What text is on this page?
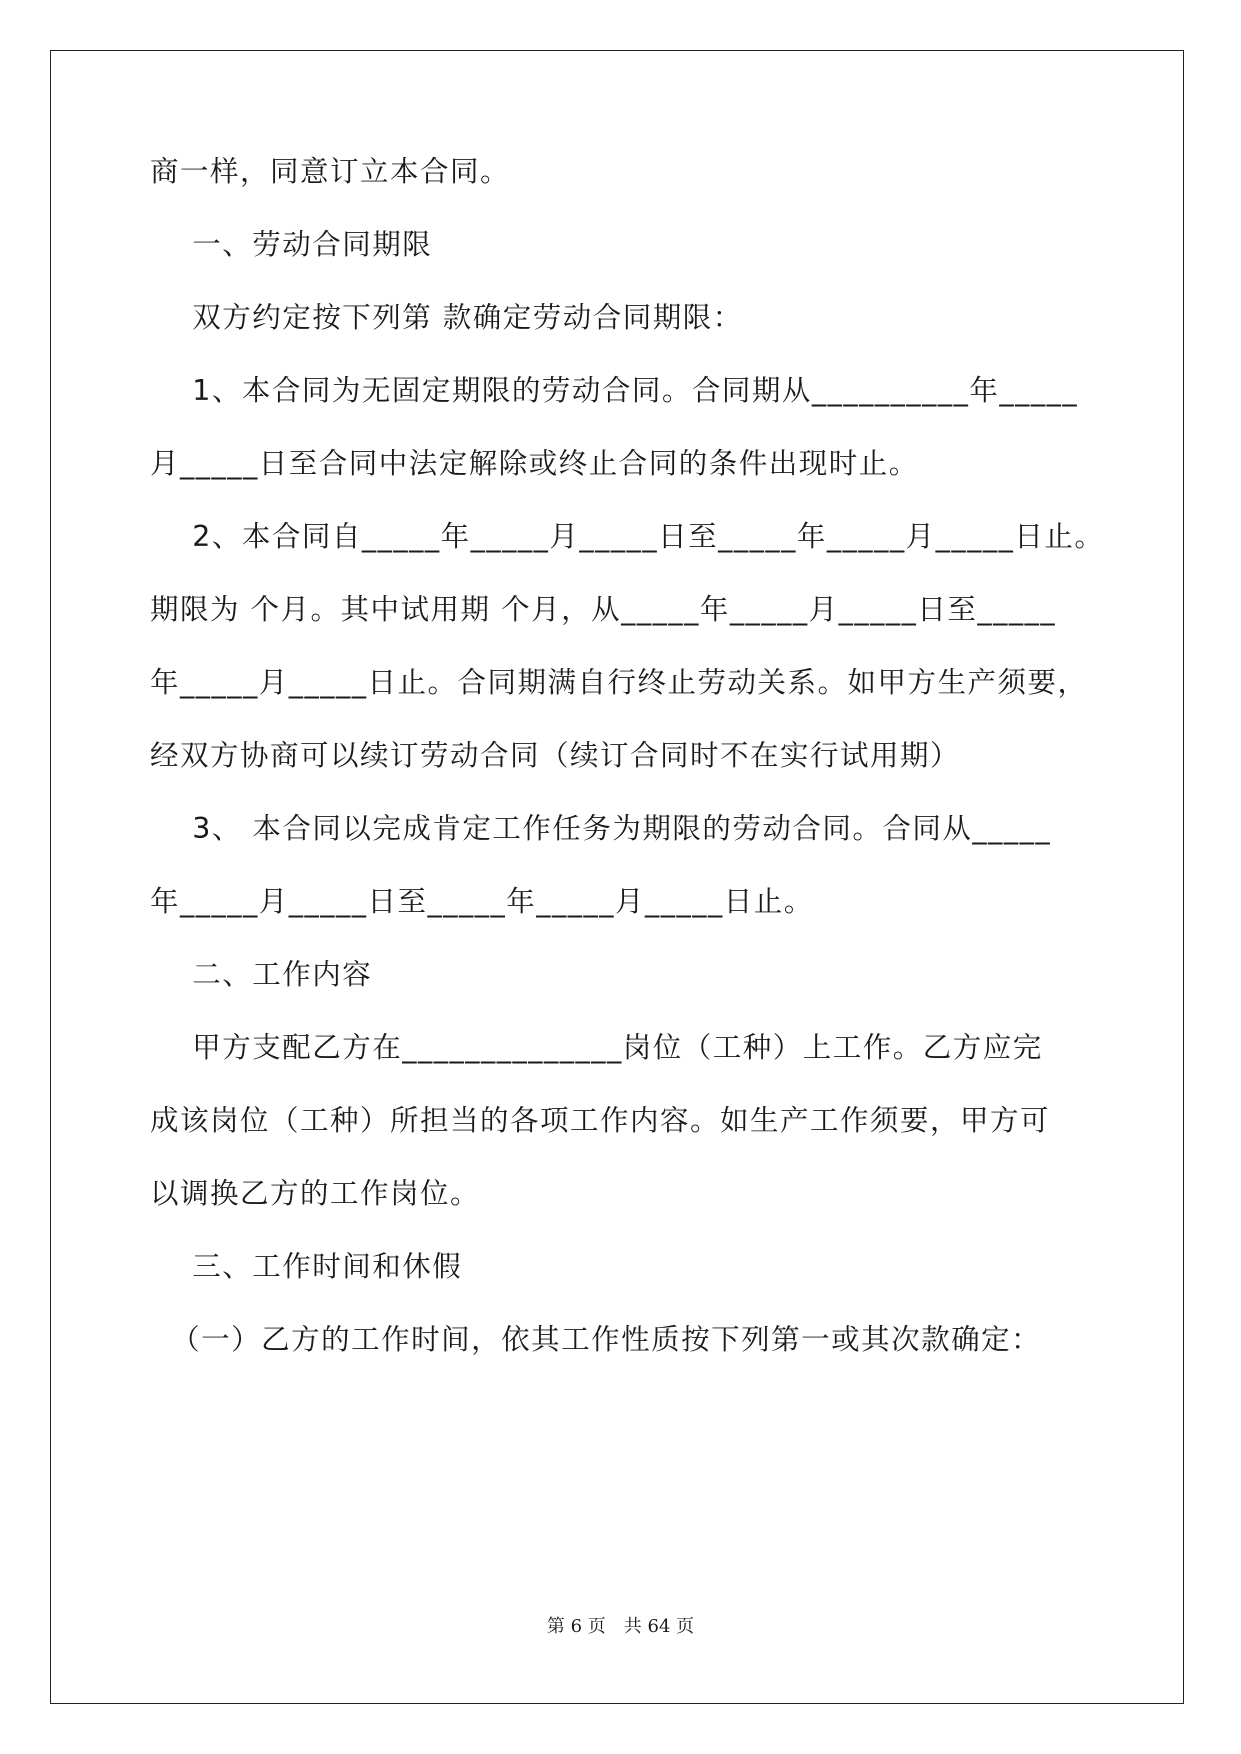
商一样，同意订立本合同。
一、劳动合同期限
双方约定按下列第 款确定劳动合同期限：
1、本合同为无固定期限的劳动合同。合同期从__________年_____
月_____日至合同中法定解除或终止合同的条件出现时止。
2、本合同自_____年_____月_____日至_____年_____月_____日止。
期限为 个月。其中试用期 个月，从_____年_____月_____日至_____
年_____月_____日止。合同期满自行终止劳动关系。如甲方生产须要，
经双方协商可以续订劳动合同（续订合同时不在实行试用期）
3、 本合同以完成肯定工作任务为期限的劳动合同。合同从_____
年_____月_____日至_____年_____月_____日止。
二、工作内容
甲方支配乙方在______________岗位（工种）上工作。乙方应完
成该岗位（工种）所担当的各项工作内容。如生产工作须要，甲方可
以调换乙方的工作岗位。
三、工作时间和休假
（一）乙方的工作时间，依其工作性质按下列第一或其次款确定：
第 6 页　共 64 页
